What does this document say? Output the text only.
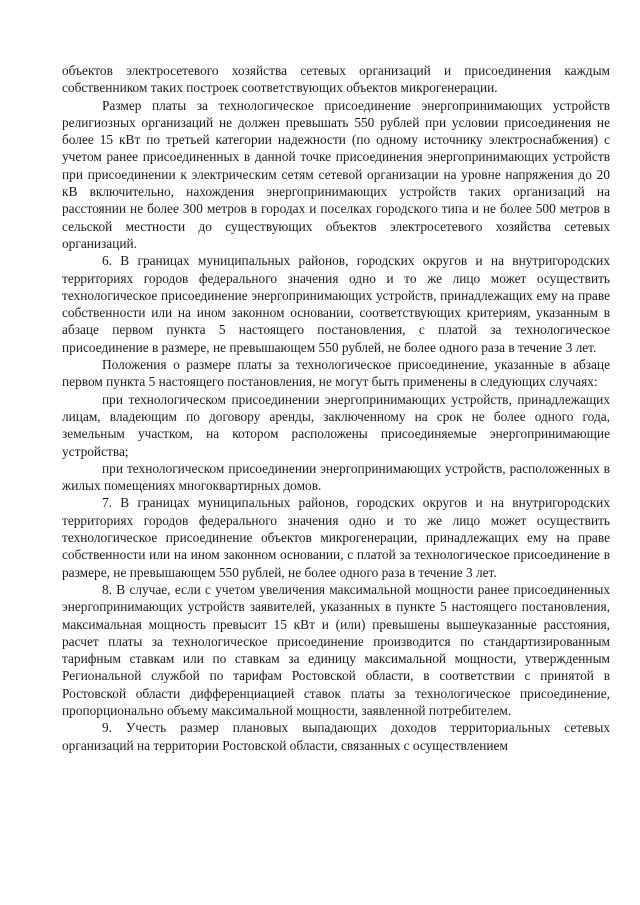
объектов электросетевого хозяйства сетевых организаций и присоединения каждым собственником таких построек соответствующих объектов микрогенерации.

Размер платы за технологическое присоединение энергопринимающих устройств религиозных организаций не должен превышать 550 рублей при условии присоединения не более 15 кВт по третьей категории надежности (по одному источнику электроснабжения) с учетом ранее присоединенных в данной точке присоединения энергопринимающих устройств при присоединении к электрическим сетям сетевой организации на уровне напряжения до 20 кВ включительно, нахождения энергопринимающих устройств таких организаций на расстоянии не более 300 метров в городах и поселках городского типа и не более 500 метров в сельской местности до существующих объектов электросетевого хозяйства сетевых организаций.

6. В границах муниципальных районов, городских округов и на внутригородских территориях городов федерального значения одно и то же лицо может осуществить технологическое присоединение энергопринимающих устройств, принадлежащих ему на праве собственности или на ином законном основании, соответствующих критериям, указанным в абзаце первом пункта 5 настоящего постановления, с платой за технологическое присоединение в размере, не превышающем 550 рублей, не более одного раза в течение 3 лет.

Положения о размере платы за технологическое присоединение, указанные в абзаце первом пункта 5 настоящего постановления, не могут быть применены в следующих случаях:

при технологическом присоединении энергопринимающих устройств, принадлежащих лицам, владеющим по договору аренды, заключенному на срок не более одного года, земельным участком, на котором расположены присоединяемые энергопринимающие устройства;

при технологическом присоединении энергопринимающих устройств, расположенных в жилых помещениях многоквартирных домов.

7. В границах муниципальных районов, городских округов и на внутригородских территориях городов федерального значения одно и то же лицо может осуществить технологическое присоединение объектов микрогенерации, принадлежащих ему на праве собственности или на ином законном основании, с платой за технологическое присоединение в размере, не превышающем 550 рублей, не более одного раза в течение 3 лет.

8. В случае, если с учетом увеличения максимальной мощности ранее присоединенных энергопринимающих устройств заявителей, указанных в пункте 5 настоящего постановления, максимальная мощность превысит 15 кВт и (или) превышены вышеуказанные расстояния, расчет платы за технологическое присоединение производится по стандартизированным тарифным ставкам или по ставкам за единицу максимальной мощности, утвержденным Региональной службой по тарифам Ростовской области, в соответствии с принятой в Ростовской области дифференциацией ставок платы за технологическое присоединение, пропорционально объему максимальной мощности, заявленной потребителем.

9. Учесть размер плановых выпадающих доходов территориальных сетевых организаций на территории Ростовской области, связанных с осуществлением
